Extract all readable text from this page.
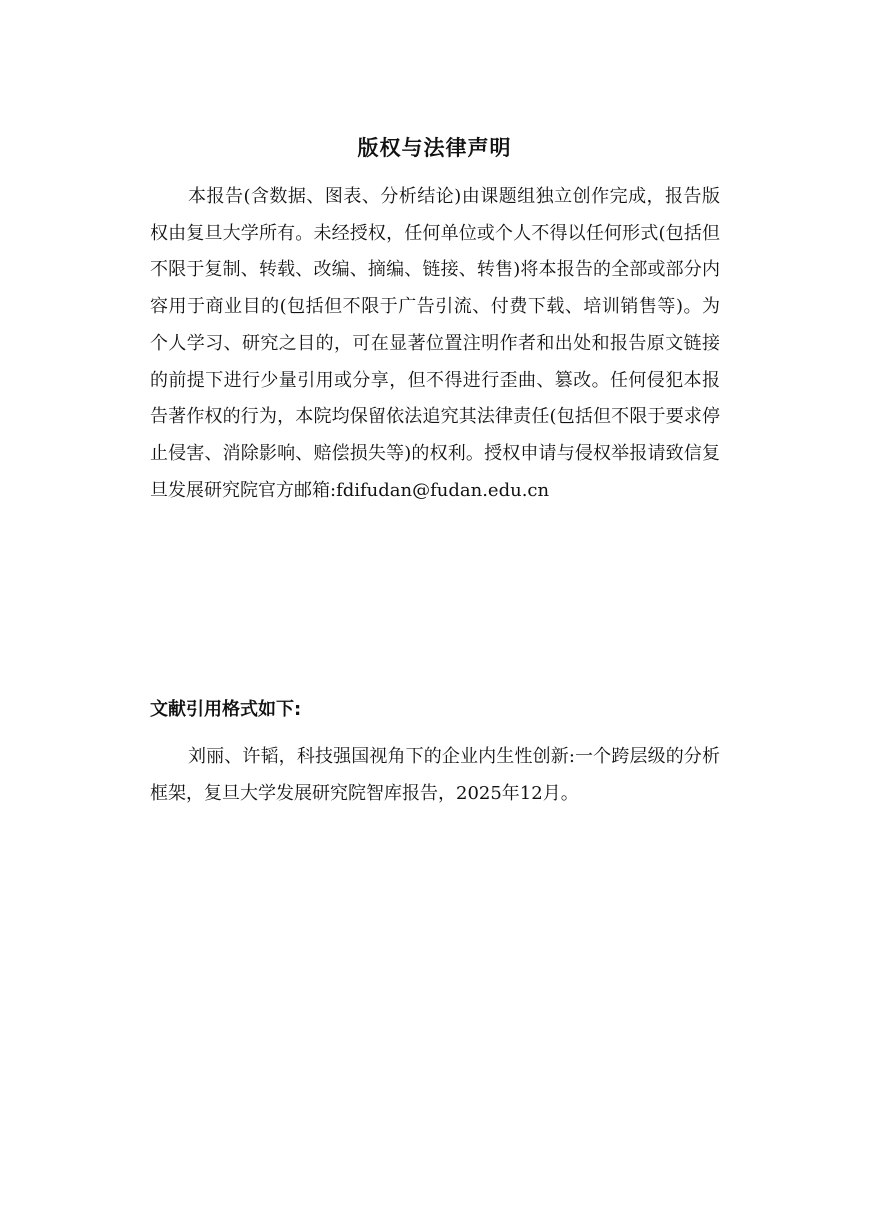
版权与法律声明

本报告(含数据、图表、分析结论)由课题组独立创作完成，报告版权由复旦大学所有。未经授权，任何单位或个人不得以任何形式(包括但不限于复制、转载、改编、摘编、链接、转售)将本报告的全部或部分内容用于商业目的(包括但不限于广告引流、付费下载、培训销售等)。为个人学习、研究之目的，可在显著位置注明作者和出处和报告原文链接的前提下进行少量引用或分享，但不得进行歪曲、篡改。任何侵犯本报告著作权的行为，本院均保留依法追究其法律责任(包括但不限于要求停止侵害、消除影响、赔偿损失等)的权利。授权申请与侵权举报请致信复旦发展研究院官方邮箱:fdifudan@fudan.edu.cn

文献引用格式如下:

刘丽、许韬，科技强国视角下的企业内生性创新:一个跨层级的分析框架，复旦大学发展研究院智库报告，2025年12月。
